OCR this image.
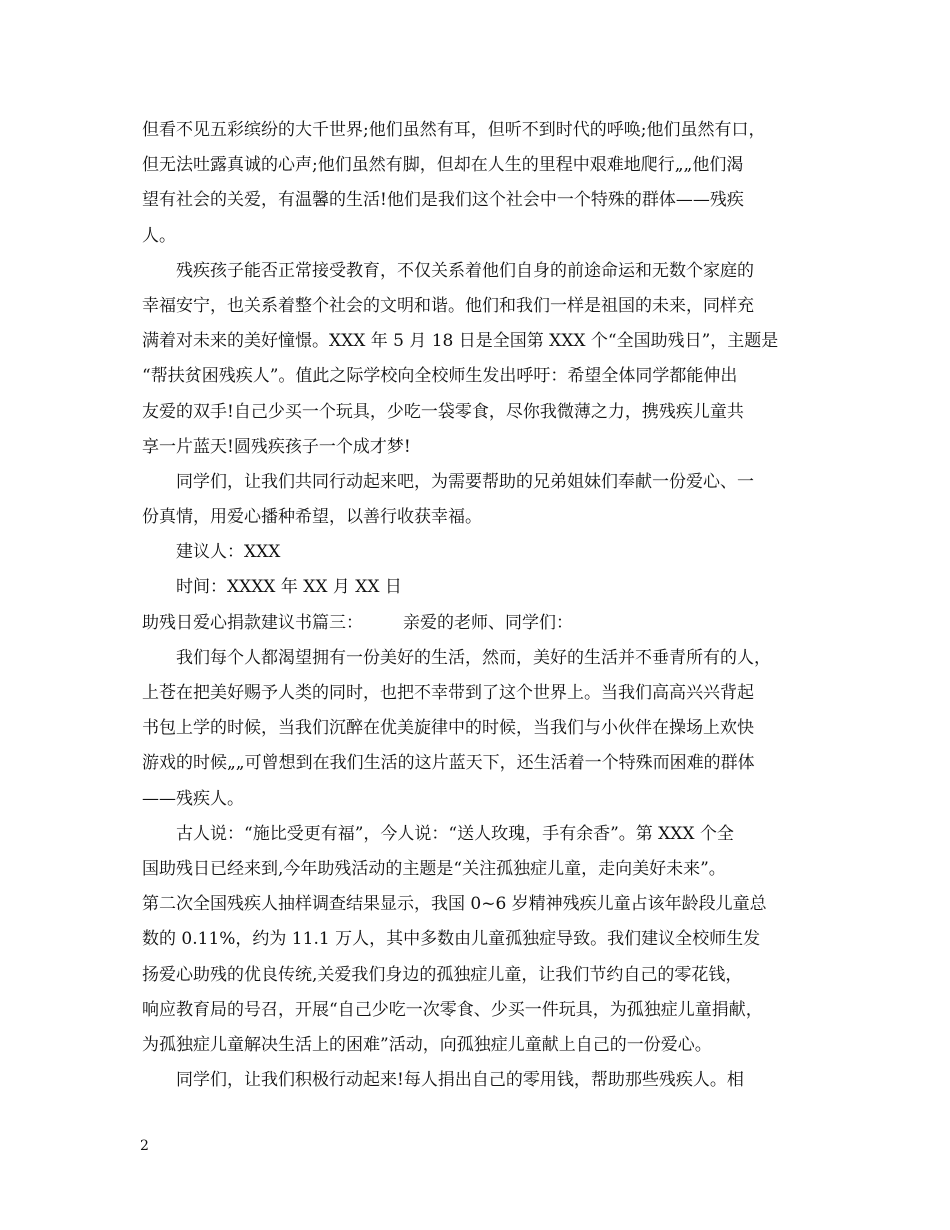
但看不见五彩缤纷的大千世界;他们虽然有耳，但听不到时代的呼唤;他们虽然有口，
但无法吐露真诚的心声;他们虽然有脚，但却在人生的里程中艰难地爬行„„他们渴
望有社会的关爱，有温馨的生活!他们是我们这个社会中一个特殊的群体——残疾
人。
残疾孩子能否正常接受教育，不仅关系着他们自身的前途命运和无数个家庭的
幸福安宁，也关系着整个社会的文明和谐。他们和我们一样是祖国的未来，同样充
满着对未来的美好憧憬。XXX 年 5 月 18 日是全国第 XXX 个“全国助残日”，主题是
“帮扶贫困残疾人”。值此之际学校向全校师生发出呼吁：希望全体同学都能伸出
友爱的双手!自己少买一个玩具，少吃一袋零食，尽你我微薄之力，携残疾儿童共
享一片蓝天!圆残疾孩子一个成才梦!
同学们，让我们共同行动起来吧，为需要帮助的兄弟姐妹们奉献一份爱心、一
份真情，用爱心播种希望，以善行收获幸福。
建议人：XXX
时间：XXXX 年 XX 月 XX 日
助残日爱心捐款建议书篇三： 亲爱的老师、同学们：
我们每个人都渴望拥有一份美好的生活，然而，美好的生活并不垂青所有的人，
上苍在把美好赐予人类的同时，也把不幸带到了这个世界上。当我们高高兴兴背起
书包上学的时候，当我们沉醉在优美旋律中的时候，当我们与小伙伴在操场上欢快
游戏的时候„„可曾想到在我们生活的这片蓝天下，还生活着一个特殊而困难的群体
——残疾人。
古人说：“施比受更有福”，今人说：“送人玫瑰，手有余香”。第 XXX 个全
国助残日已经来到,今年助残活动的主题是“关注孤独症儿童，走向美好未来”。
第二次全国残疾人抽样调查结果显示，我国 0~6 岁精神残疾儿童占该年龄段儿童总
数的 0.11%，约为 11.1 万人，其中多数由儿童孤独症导致。我们建议全校师生发
扬爱心助残的优良传统,关爱我们身边的孤独症儿童，让我们节约自己的零花钱，
响应教育局的号召，开展“自己少吃一次零食、少买一件玩具，为孤独症儿童捐献，
为孤独症儿童解决生活上的困难”活动，向孤独症儿童献上自己的一份爱心。
同学们，让我们积极行动起来!每人捐出自己的零用钱，帮助那些残疾人。相
2
